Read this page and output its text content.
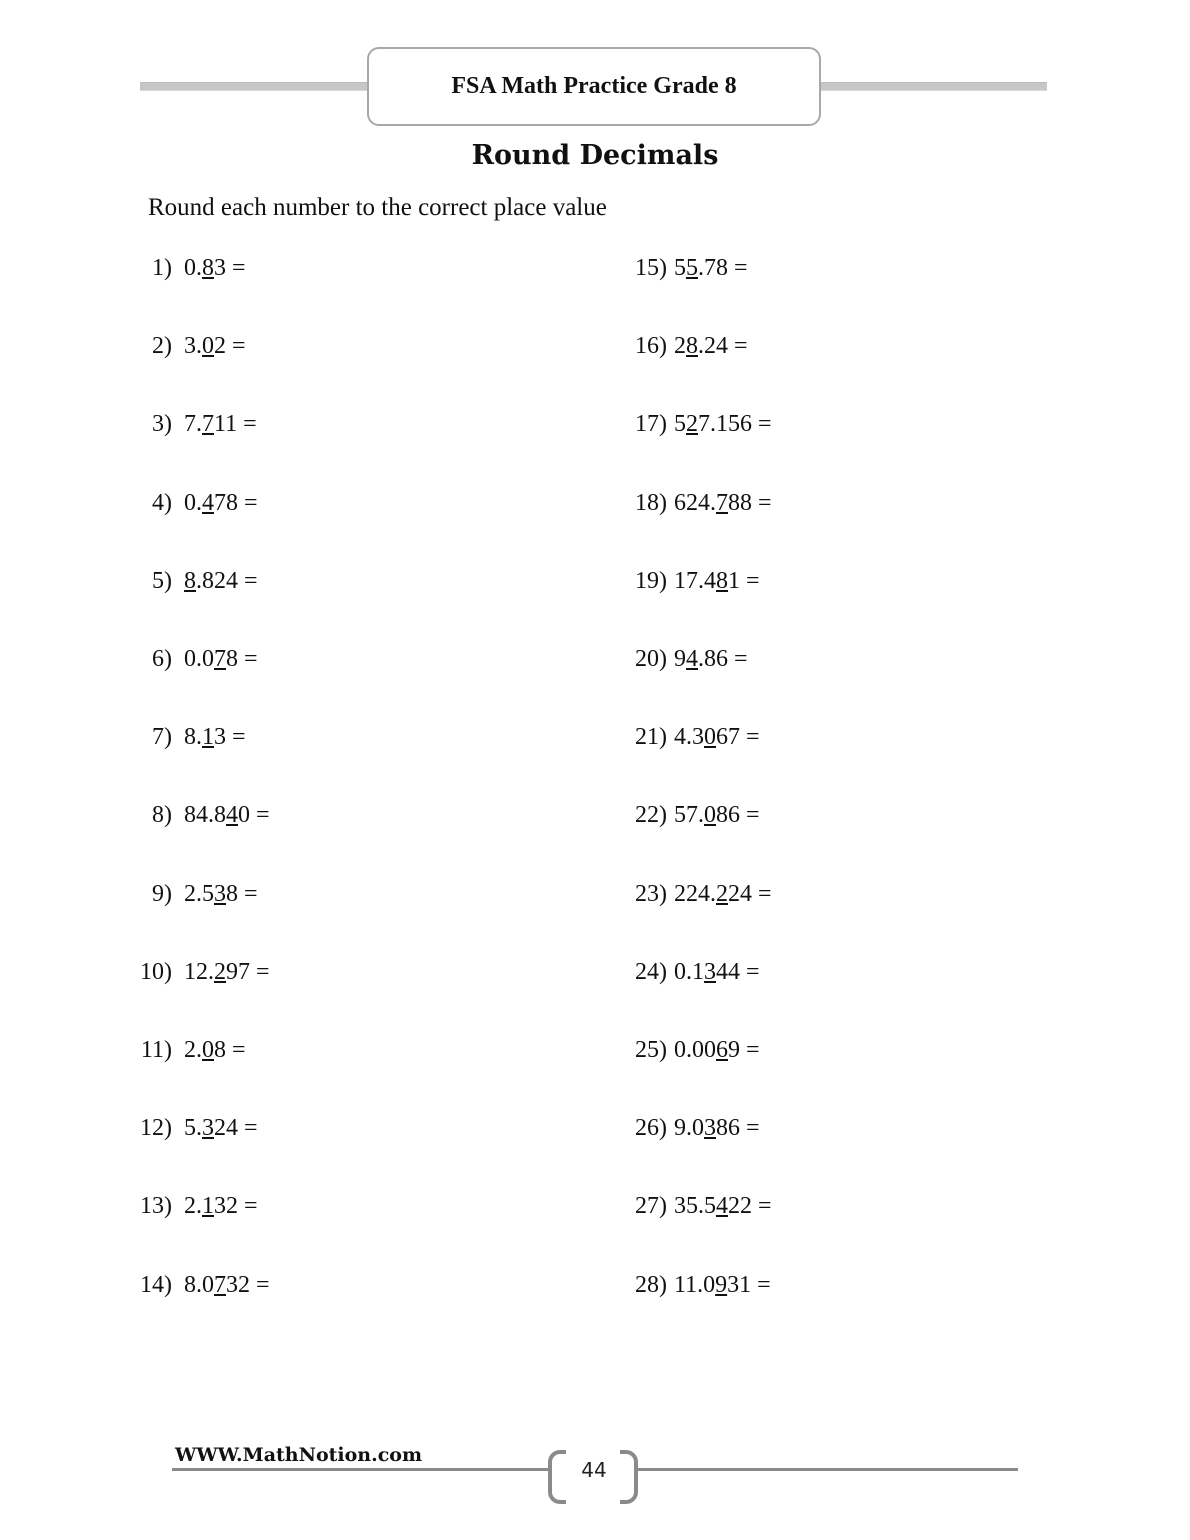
FSA Math Practice Grade 8
Round Decimals
Round each number to the correct place value
1) 0.83 =
2) 3.02 =
3) 7.711 =
4) 0.478 =
5) 8.824 =
6) 0.078 =
7) 8.13 =
8) 84.840 =
9) 2.538 =
10) 12.297 =
11) 2.08 =
12) 5.324 =
13) 2.132 =
14) 8.0732 =
15) 55.78 =
16) 28.24 =
17) 527.156 =
18) 624.788 =
19) 17.481 =
20) 94.86 =
21) 4.3067 =
22) 57.086 =
23) 224.224 =
24) 0.1344 =
25) 0.0069 =
26) 9.0386 =
27) 35.5422 =
28) 11.0931 =
WWW.MathNotion.com
44
